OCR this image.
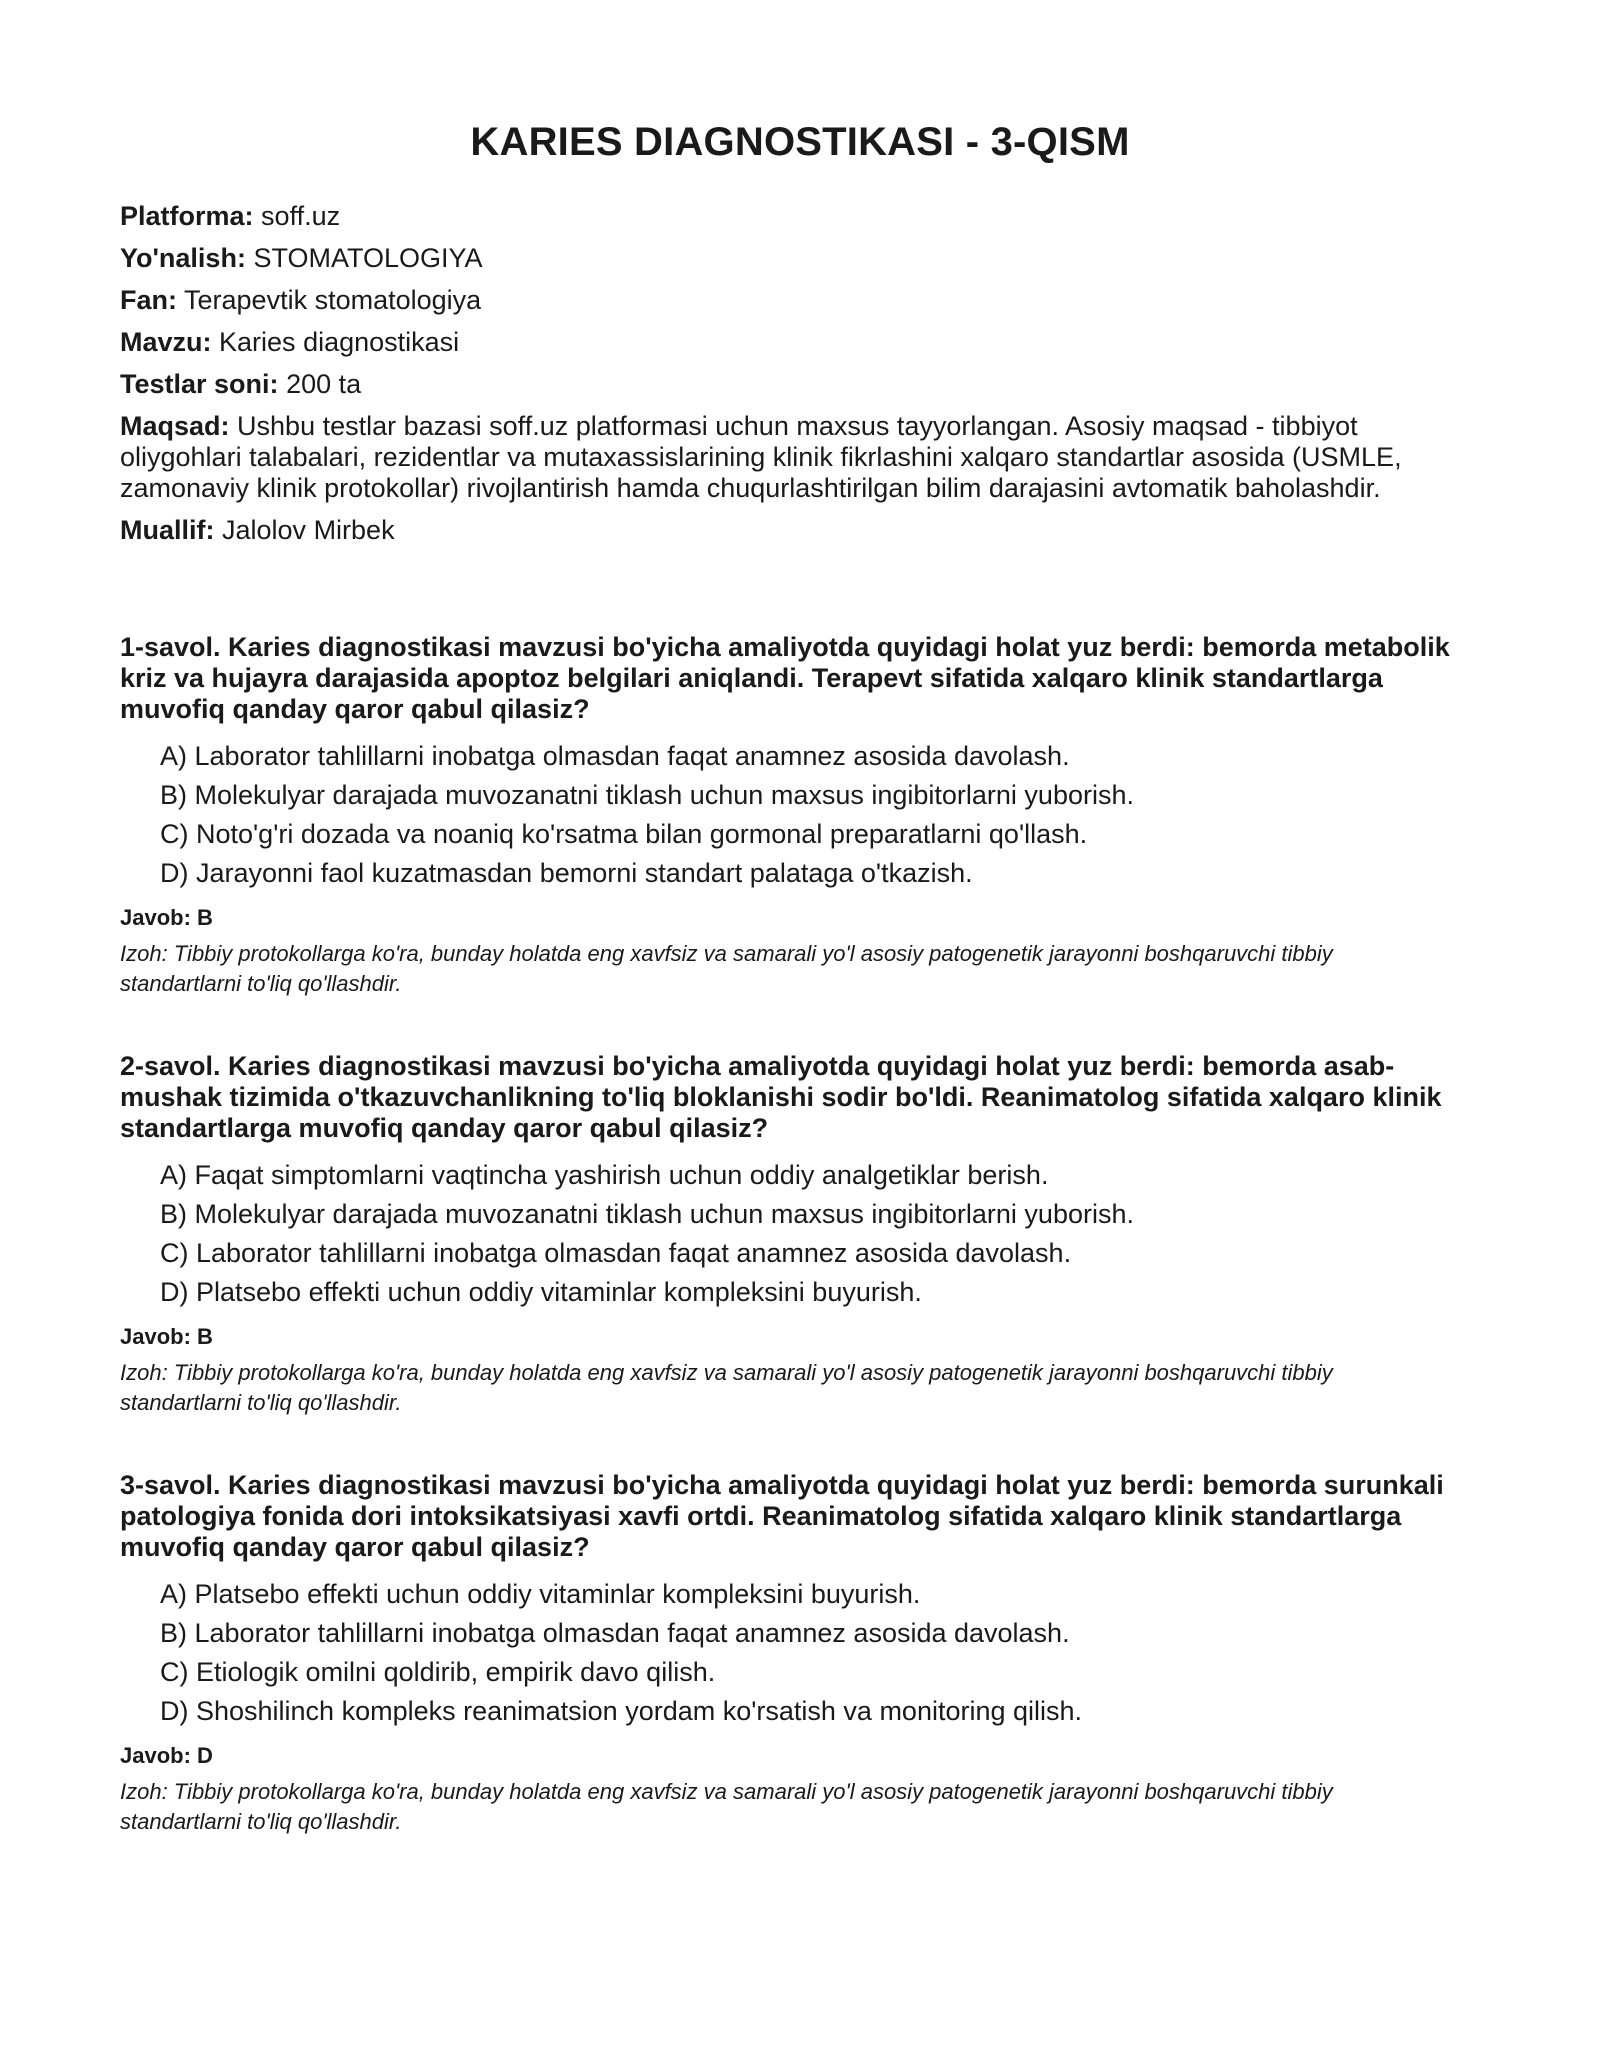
KARIES DIAGNOSTIKASI - 3-QISM

Platforma: soff.uz

Yo'nalish: STOMATOLOGIYA

Fan: Terapevtik stomatologiya

Mavzu: Karies diagnostikasi

Testlar soni: 200 ta

Maqsad: Ushbu testlar bazasi soff.uz platformasi uchun maxsus tayyorlangan. Asosiy maqsad - tibbiyot oliygohlari talabalari, rezidentlar va mutaxassislarining klinik fikrlashini xalqaro standartlar asosida (USMLE, zamonaviy klinik protokollar) rivojlantirish hamda chuqurlashtirilgan bilim darajasini avtomatik baholashdir.

Muallif: Jalolov Mirbek

1-savol. Karies diagnostikasi mavzusi bo'yicha amaliyotda quyidagi holat yuz berdi: bemorda metabolik kriz va hujayra darajasida apoptoz belgilari aniqlandi. Terapevt sifatida xalqaro klinik standartlarga muvofiq qanday qaror qabul qilasiz?

A) Laborator tahlillarni inobatga olmasdan faqat anamnez asosida davolash.
B) Molekulyar darajada muvozanatni tiklash uchun maxsus ingibitorlarni yuborish.
C) Noto'g'ri dozada va noaniq ko'rsatma bilan gormonal preparatlarni qo'llash.
D) Jarayonni faol kuzatmasdan bemorni standart palataga o'tkazish.

Javob: B

Izoh: Tibbiy protokollarga ko'ra, bunday holatda eng xavfsiz va samarali yo'l asosiy patogenetik jarayonni boshqaruvchi tibbiy standartlarni to'liq qo'llashdir.

2-savol. Karies diagnostikasi mavzusi bo'yicha amaliyotda quyidagi holat yuz berdi: bemorda asab-mushak tizimida o'tkazuvchanlikning to'liq bloklanishi sodir bo'ldi. Reanimatolog sifatida xalqaro klinik standartlarga muvofiq qanday qaror qabul qilasiz?

A) Faqat simptomlarni vaqtincha yashirish uchun oddiy analgetiklar berish.
B) Molekulyar darajada muvozanatni tiklash uchun maxsus ingibitorlarni yuborish.
C) Laborator tahlillarni inobatga olmasdan faqat anamnez asosida davolash.
D) Platsebo effekti uchun oddiy vitaminlar kompleksini buyurish.

Javob: B

Izoh: Tibbiy protokollarga ko'ra, bunday holatda eng xavfsiz va samarali yo'l asosiy patogenetik jarayonni boshqaruvchi tibbiy standartlarni to'liq qo'llashdir.

3-savol. Karies diagnostikasi mavzusi bo'yicha amaliyotda quyidagi holat yuz berdi: bemorda surunkali patologiya fonida dori intoksikatsiyasi xavfi ortdi. Reanimatolog sifatida xalqaro klinik standartlarga muvofiq qanday qaror qabul qilasiz?

A) Platsebo effekti uchun oddiy vitaminlar kompleksini buyurish.
B) Laborator tahlillarni inobatga olmasdan faqat anamnez asosida davolash.
C) Etiologik omilni qoldirib, empirik davo qilish.
D) Shoshilinch kompleks reanimatsion yordam ko'rsatish va monitoring qilish.

Javob: D

Izoh: Tibbiy protokollarga ko'ra, bunday holatda eng xavfsiz va samarali yo'l asosiy patogenetik jarayonni boshqaruvchi tibbiy standartlarni to'liq qo'llashdir.
